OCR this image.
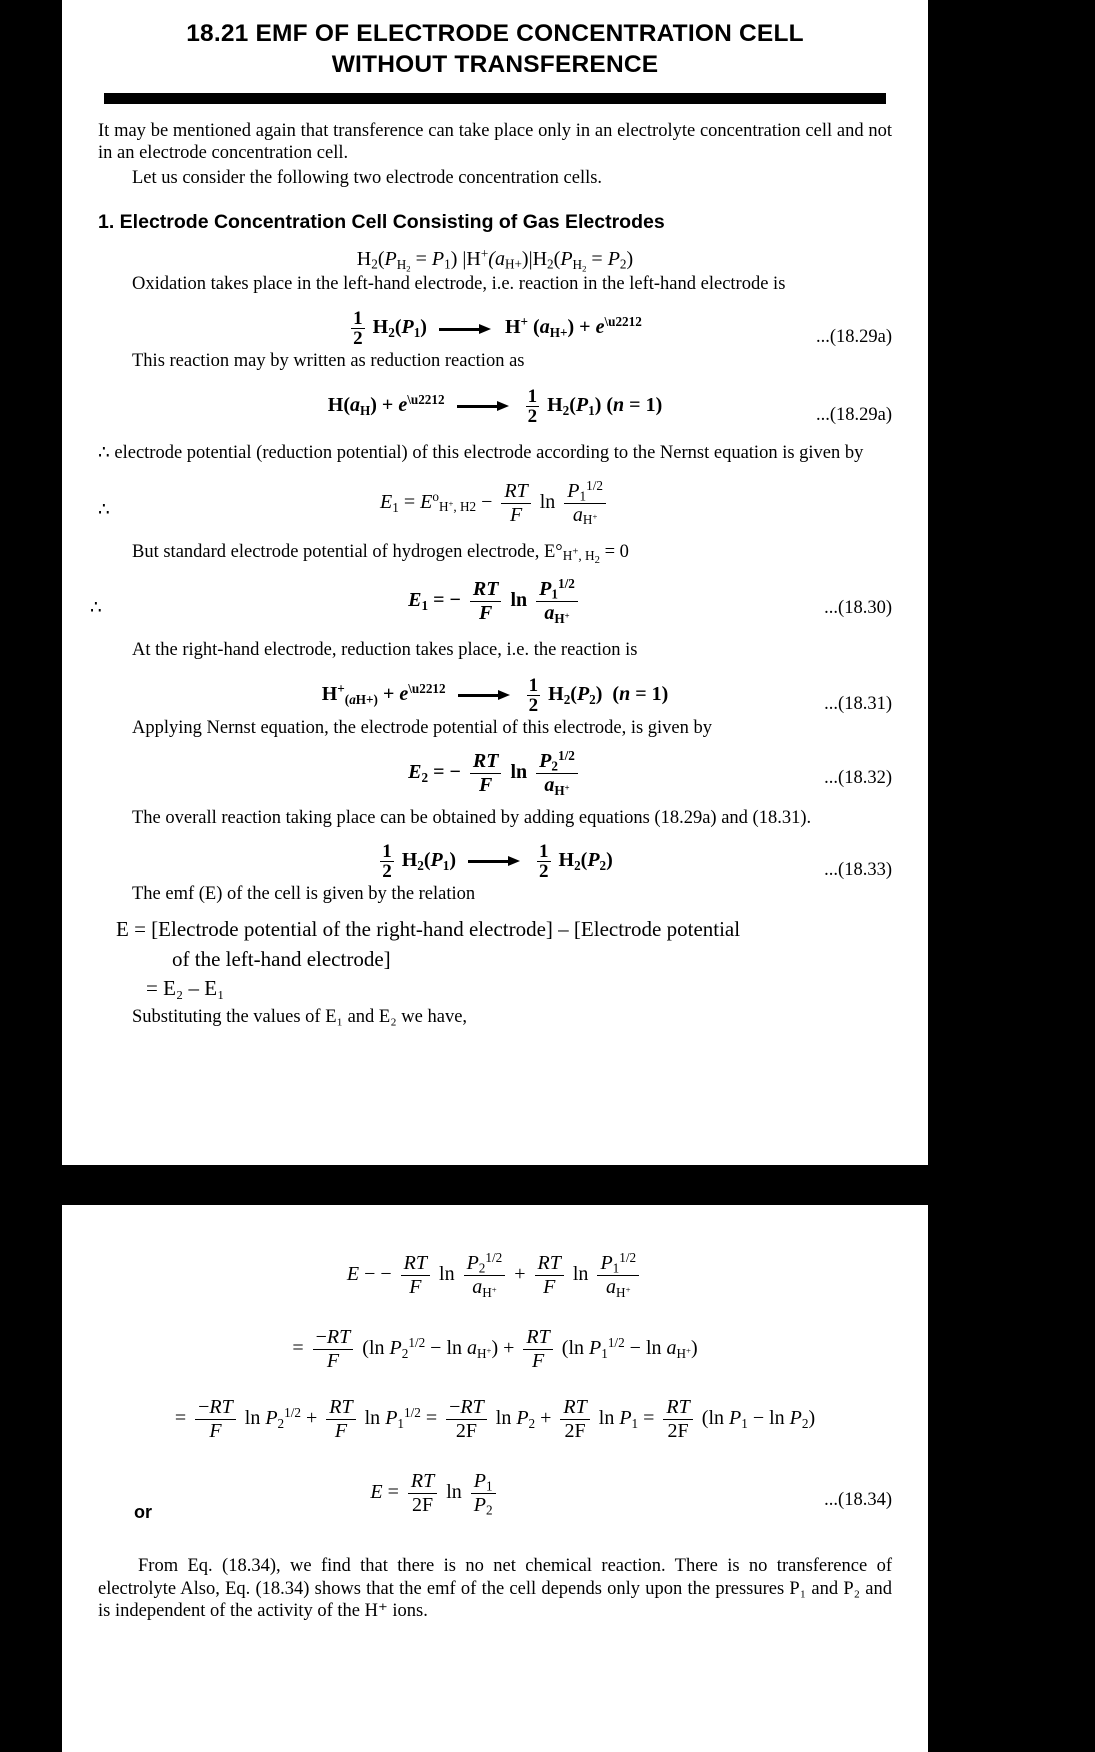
18.21 EMF OF ELECTRODE CONCENTRATION CELL
WITHOUT TRANSFERENCE

It may be mentioned again that transference can take place only in an electrolyte concentration cell and not in an electrode concentration cell.

Let us consider the following two electrode concentration cells.

1. Electrode Concentration Cell Consisting of Gas Electrodes
$H_2(P_{H_2} = P_1) |H^+(a_{H+})|H_2(P_{H_2} = P_2)$

Oxidation takes place in the left-hand electrode, i.e. reaction in the left-hand electrode is

$\frac{1}{2} H_2(P_1)$	H+ $(a_{H+}) + e^{\backslash u2212}$
...(18.29a)

This reaction may by written as reduction reaction as

$H(a_H) + e^{\backslash u2212}$	$\frac{1}{2} H_2(P_1) (n = 1)$	...(18.29a)

∴ electrode potential (reduction potential) of this electrode according to the Nernst equation is given by

∴	$E_1 = E^o_{H^+, H2} - \frac{RT}{F}$ $\ln \frac{P_1^{1/2}}{a_{H^+}}$

But standard electrode potential of hydrogen electrode, $E^\circ_{H^+, H_2} = 0$

∴	$E_1$ = − $\frac{RT}{F}$ $\ln \frac{P_1^{1/2}}{a_{H^+}}$	...(18.30)

At the right-hand electrode, reduction takes place, i.e. the reaction is

$H^+_{(aH+)} + e^{\backslash u2212}$	$\frac{1}{2} H_2(P_2) (n = 1)$	...(18.31)

Applying Nernst equation, the electrode potential of this electrode, is given by

$E_2$ = − $\frac{RT}{F}$ $\ln \frac{P_2^{1/2}}{a_{H^+}}$	...(18.32)

The overall reaction taking place can be obtained by adding equations (18.29a) and (18.31).

$\frac{1}{2} H_2(P_1)$	$\frac{1}{2} H_2(P_2)$	...(18.33)

The emf (E) of the cell is given by the relation

E = [Electrode potential of the right-hand electrode] – [Electrode potential
of the left-hand electrode]
= E₂ – E₁

Substituting the values of E₁ and E₂ we have,

E − − $\frac{RT}{F}$ $\ln \frac{P_2^{1/2}}{a_{H^+}} + \frac{RT}{F}$ $\ln \frac{P_1^{1/2}}{a_{H^+}}$
= $\frac{-RT}{F} (\ln$ $P_2^{1/2} - \ln a_{H^+}) + \frac{RT}{F} (\ln$ $P_1^{1/2} - \ln a_{H^+}$)
= $\frac{-RT}{F}$ $\ln P_2^{1/2} + \frac{RT}{F}$ $\ln P_1^{1/2} = \frac{-RT}{2F}$ $\ln P_2 + \frac{RT}{2F}$ $\ln P_1 = \frac{RT}{2F} (\ln$ $P_1 - \ln P_2$)
or
$E = \frac{RT}{2F}$ $\ln \frac{P_1}{P_2}$	...(18.34)

From Eq. (18.34), we find that there is no net chemical reaction. There is no transference of electrolyte Also, Eq. (18.34) shows that the emf of the cell depends only upon the pressures P₁ and P₂ and is independent of the activity of the H⁺ ions.
